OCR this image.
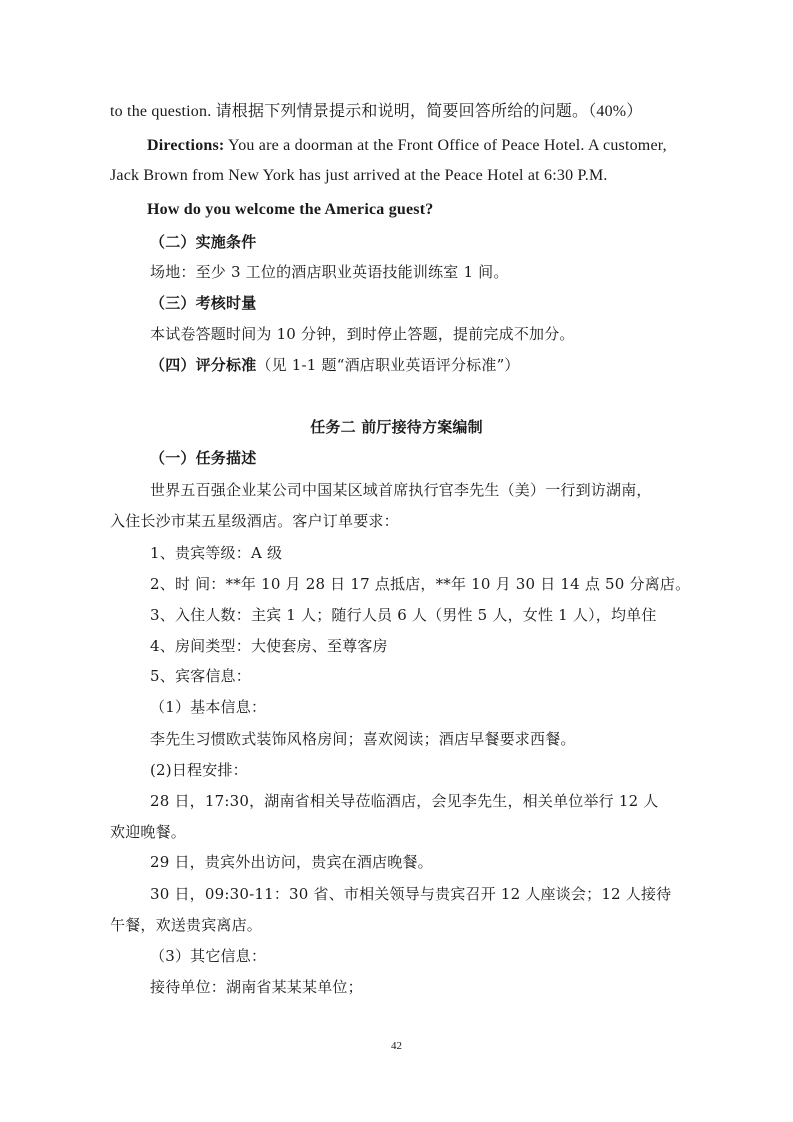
to the question. 请根据下列情景提示和说明，简要回答所给的问题。（40%）
Directions: You are a doorman at the Front Office of Peace Hotel. A customer,
Jack Brown from New York has just arrived at the Peace Hotel at 6:30 P.M.
How do you welcome the America guest?
（二）实施条件
场地：至少 3 工位的酒店职业英语技能训练室 1 间。
（三）考核时量
本试卷答题时间为 10 分钟，到时停止答题，提前完成不加分。
（四）评分标准（见 1-1 题“酒店职业英语评分标准”）
任务二 前厅接待方案编制
（一）任务描述
世界五百强企业某公司中国某区域首席执行官李先生（美）一行到访湖南，
入住长沙市某五星级酒店。客户订单要求：
1、贵宾等级：A 级
2、时 间：**年 10 月 28 日 17 点抵店，**年 10 月 30 日 14 点 50 分离店。
3、入住人数：主宾 1 人；随行人员 6 人（男性 5 人，女性 1 人），均单住
4、房间类型：大使套房、至尊客房
5、宾客信息：
（1）基本信息：
李先生习惯欧式装饰风格房间；喜欢阅读；酒店早餐要求西餐。
(2)日程安排：
28 日，17:30，湖南省相关导莅临酒店，会见李先生，相关单位举行 12 人
欢迎晚餐。
29 日，贵宾外出访问，贵宾在酒店晚餐。
30 日，09:30-11：30 省、市相关领导与贵宾召开 12 人座谈会；12 人接待
午餐，欢送贵宾离店。
（3）其它信息：
接待单位：湖南省某某某单位；
42
